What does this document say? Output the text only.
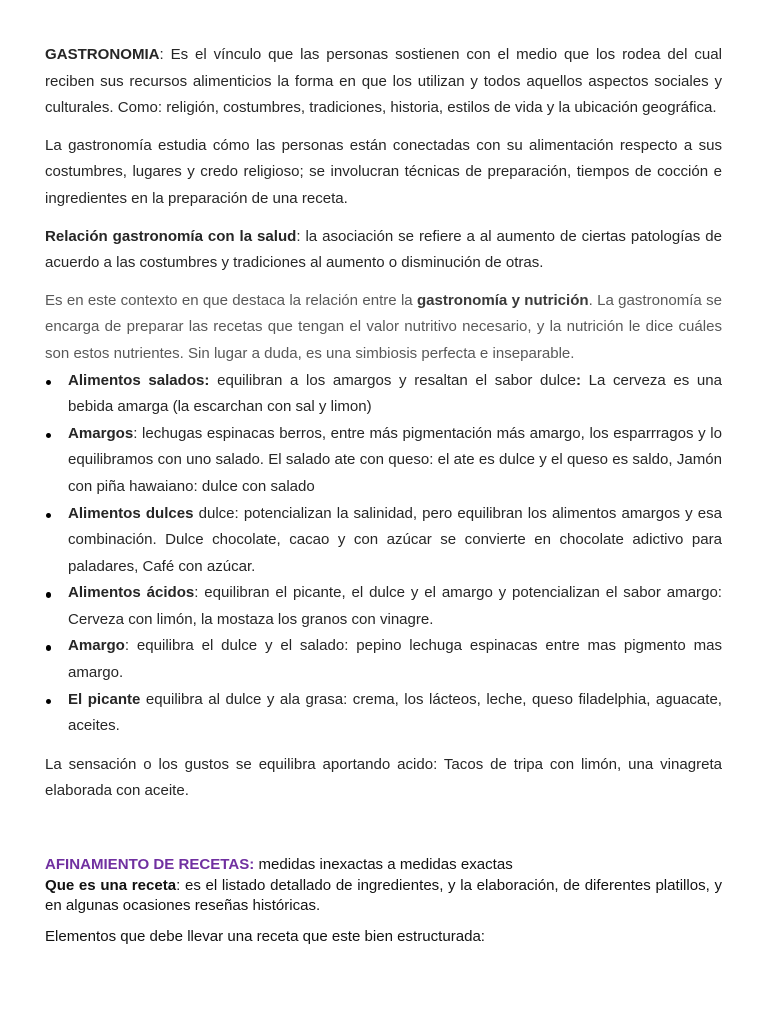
GASTRONOMIA: Es el vínculo que las personas sostienen con el medio que los rodea del cual reciben sus recursos alimenticios la forma en que los utilizan y todos aquellos aspectos sociales y culturales. Como: religión, costumbres, tradiciones, historia, estilos de vida y la ubicación geográfica.

La gastronomía estudia cómo las personas están conectadas con su alimentación respecto a sus costumbres, lugares y credo religioso; se involucran técnicas de preparación, tiempos de cocción e ingredientes en la preparación de una receta.

Relación gastronomía con la salud: la asociación se refiere a al aumento de ciertas patologías de acuerdo a las costumbres y tradiciones al aumento o disminución de otras.

Es en este contexto en que destaca la relación entre la gastronomía y nutrición. La gastronomía se encarga de preparar las recetas que tengan el valor nutritivo necesario, y la nutrición le dice cuáles son estos nutrientes. Sin lugar a duda, es una simbiosis perfecta e inseparable.

Alimentos salados: equilibran a los amargos y resaltan el sabor dulce: La cerveza es una bebida amarga (la escarchan con sal y limon)
Amargos: lechugas espinacas berros, entre más pigmentación más amargo, los esparrragos y lo equilibramos con uno salado. El salado ate con queso: el ate es dulce y el queso es saldo, Jamón con piña hawaiano: dulce con salado
Alimentos dulces dulce: potencializan la salinidad, pero equilibran los alimentos amargos y esa combinación. Dulce chocolate, cacao y con azúcar se convierte en chocolate adictivo para paladares, Café con azúcar.
Alimentos ácidos: equilibran el picante, el dulce y el amargo y potencializan el sabor amargo: Cerveza con limón, la mostaza los granos con vinagre.
Amargo: equilibra el dulce y el salado: pepino lechuga espinacas entre mas pigmento mas amargo.
El picante equilibra al dulce y ala grasa: crema, los lácteos, leche, queso filadelphia, aguacate, aceites.

La sensación o los gustos se equilibra aportando acido: Tacos de tripa con limón, una vinagreta elaborada con aceite.

AFINAMIENTO DE RECETAS: medidas inexactas a medidas exactas

Que es una receta: es el listado detallado de ingredientes, y la elaboración, de diferentes platillos, y en algunas ocasiones reseñas históricas.

Elementos que debe llevar una receta que este bien estructurada:
